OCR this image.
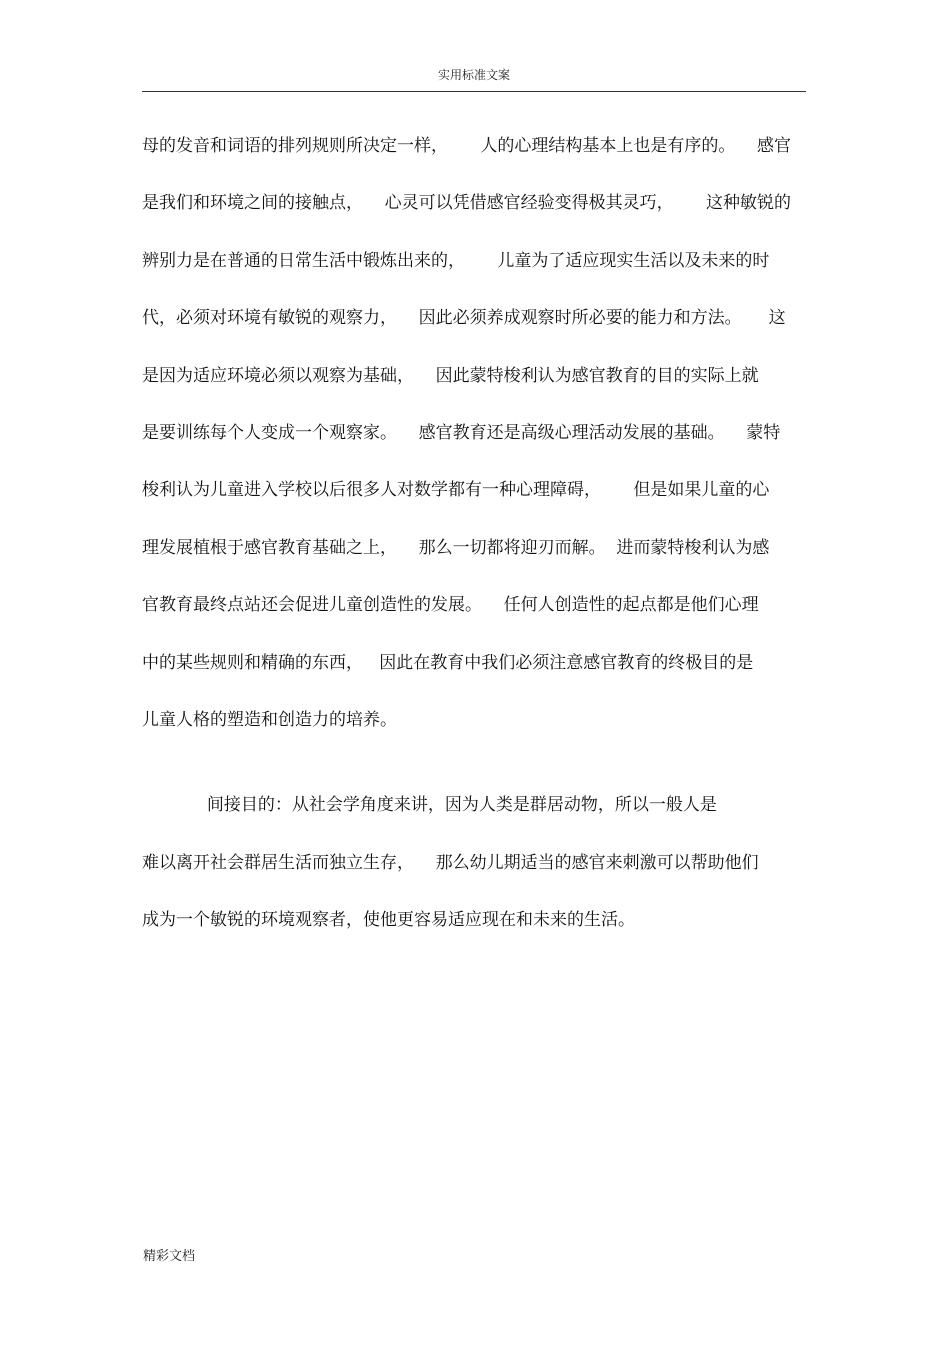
实用标准文案

母的发音和词语的排列规则所决定一样，      人的心理结构基本上也是有序的。    感官

是我们和环境之间的接触点，    心灵可以凭借感官经验变得极其灵巧，      这种敏锐的

辨别力是在普通的日常生活中锻炼出来的，      儿童为了适应现实生活以及未来的时

代，必须对环境有敏锐的观察力，    因此必须养成观察时所必要的能力和方法。     这

是因为适应环境必须以观察为基础，    因此蒙特梭利认为感官教育的目的实际上就

是要训练每个人变成一个观察家。    感官教育还是高级心理活动发展的基础。    蒙特

梭利认为儿童进入学校以后很多人对数学都有一种心理障碍，      但是如果儿童的心

理发展植根于感官教育基础之上，    那么一切都将迎刃而解。  进而蒙特梭利认为感

官教育最终点站还会促进儿童创造性的发展。    任何人创造性的起点都是他们心理

中的某些规则和精确的东西，   因此在教育中我们必须注意感官教育的终极目的是

儿童人格的塑造和创造力的培养。

间接目的：从社会学角度来讲，因为人类是群居动物，所以一般人是

难以离开社会群居生活而独立生存，    那么幼儿期适当的感官来刺激可以帮助他们

成为一个敏锐的环境观察者，使他更容易适应现在和未来的生活。

精彩文档
